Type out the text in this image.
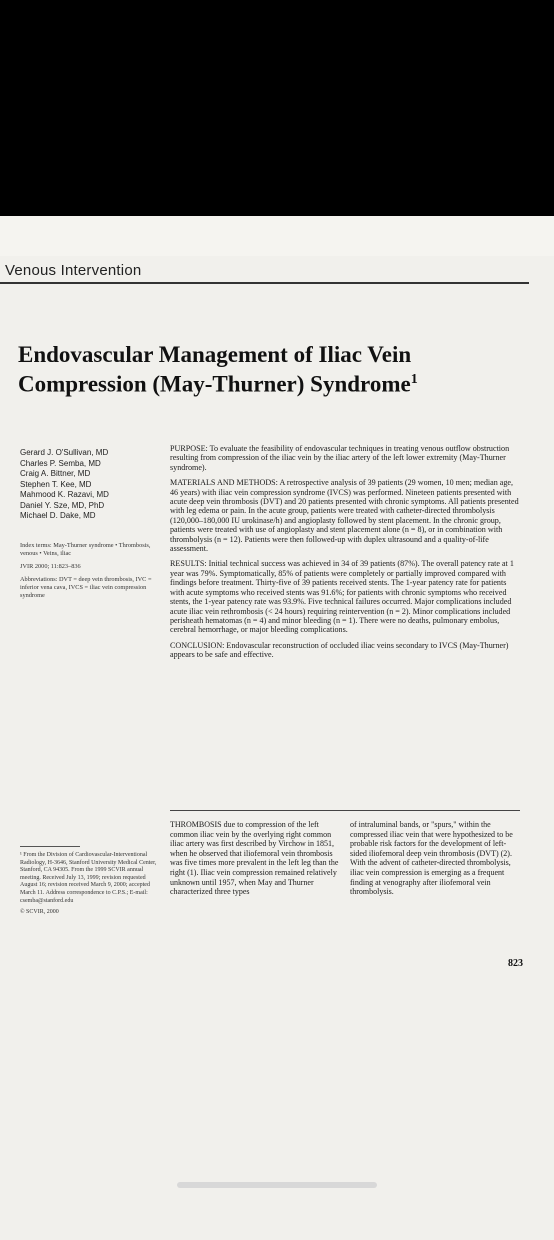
Venous Intervention
Endovascular Management of Iliac Vein Compression (May-Thurner) Syndrome$^1$
Gerard J. O'Sullivan, MD
Charles P. Semba, MD
Craig A. Bittner, MD
Stephen T. Kee, MD
Mahmood K. Razavi, MD
Daniel Y. Sze, MD, PhD
Michael D. Dake, MD

Index terms: May-Thurner syndrome • Thrombosis, venous • Veins, iliac

JVIR 2000; 11:823–836

Abbreviations: DVT = deep vein thrombosis, IVC = inferior vena cava, IVCS = iliac vein compression syndrome

PURPOSE: To evaluate the feasibility of endovascular techniques in treating venous outflow obstruction resulting from compression of the iliac vein by the iliac artery of the left lower extremity (May-Thurner syndrome).

MATERIALS AND METHODS: A retrospective analysis of 39 patients (29 women, 10 men; median age, 46 years) with iliac vein compression syndrome (IVCS) was performed. Nineteen patients presented with acute deep vein thrombosis (DVT) and 20 patients presented with chronic symptoms. All patients presented with leg edema or pain. In the acute group, patients were treated with catheter-directed thrombolysis (120,000–180,000 IU urokinase/h) and angioplasty followed by stent placement. In the chronic group, patients were treated with use of angioplasty and stent placement alone (n = 8), or in combination with thrombolysis (n = 12). Patients were then followed-up with duplex ultrasound and a quality-of-life assessment.

RESULTS: Initial technical success was achieved in 34 of 39 patients (87%). The overall patency rate at 1 year was 79%. Symptomatically, 85% of patients were completely or partially improved compared with findings before treatment. Thirty-five of 39 patients received stents. The 1-year patency rate for patients with acute symptoms who received stents was 91.6%; for patients with chronic symptoms who received stents, the 1-year patency rate was 93.9%. Five technical failures occurred. Major complications included acute iliac vein rethrombosis (< 24 hours) requiring reintervention (n = 2). Minor complications included perisheath hematomas (n = 4) and minor bleeding (n = 1). There were no deaths, pulmonary embolus, cerebral hemorrhage, or major bleeding complications.

CONCLUSION: Endovascular reconstruction of occluded iliac veins secondary to IVCS (May-Thurner) appears to be safe and effective.

THROMBOSIS due to compression of the left common iliac vein by the overlying right common iliac artery was first described by Virchow in 1851, when he observed that iliofemoral vein thrombosis was five times more prevalent in the left leg than the right (1). Iliac vein compression remained relatively unknown until 1957, when May and Thurner characterized three types
of intraluminal bands, or "spurs," within the compressed iliac vein that were hypothesized to be probable risk factors for the development of left-sided iliofemoral deep vein thrombosis (DVT) (2). With the advent of catheter-directed thrombolysis, iliac vein compression is emerging as a frequent finding at venography after iliofemoral vein thrombolysis.

¹ From the Division of Cardiovascular-Interventional Radiology, H-3646, Stanford University Medical Center, Stanford, CA 94305. From the 1999 SCVIR annual meeting. Received July 13, 1999; revision requested August 16; revision received March 9, 2000; accepted March 11. Address correspondence to C.P.S.; E-mail: csemba@stanford.edu

© SCVIR, 2000

823
